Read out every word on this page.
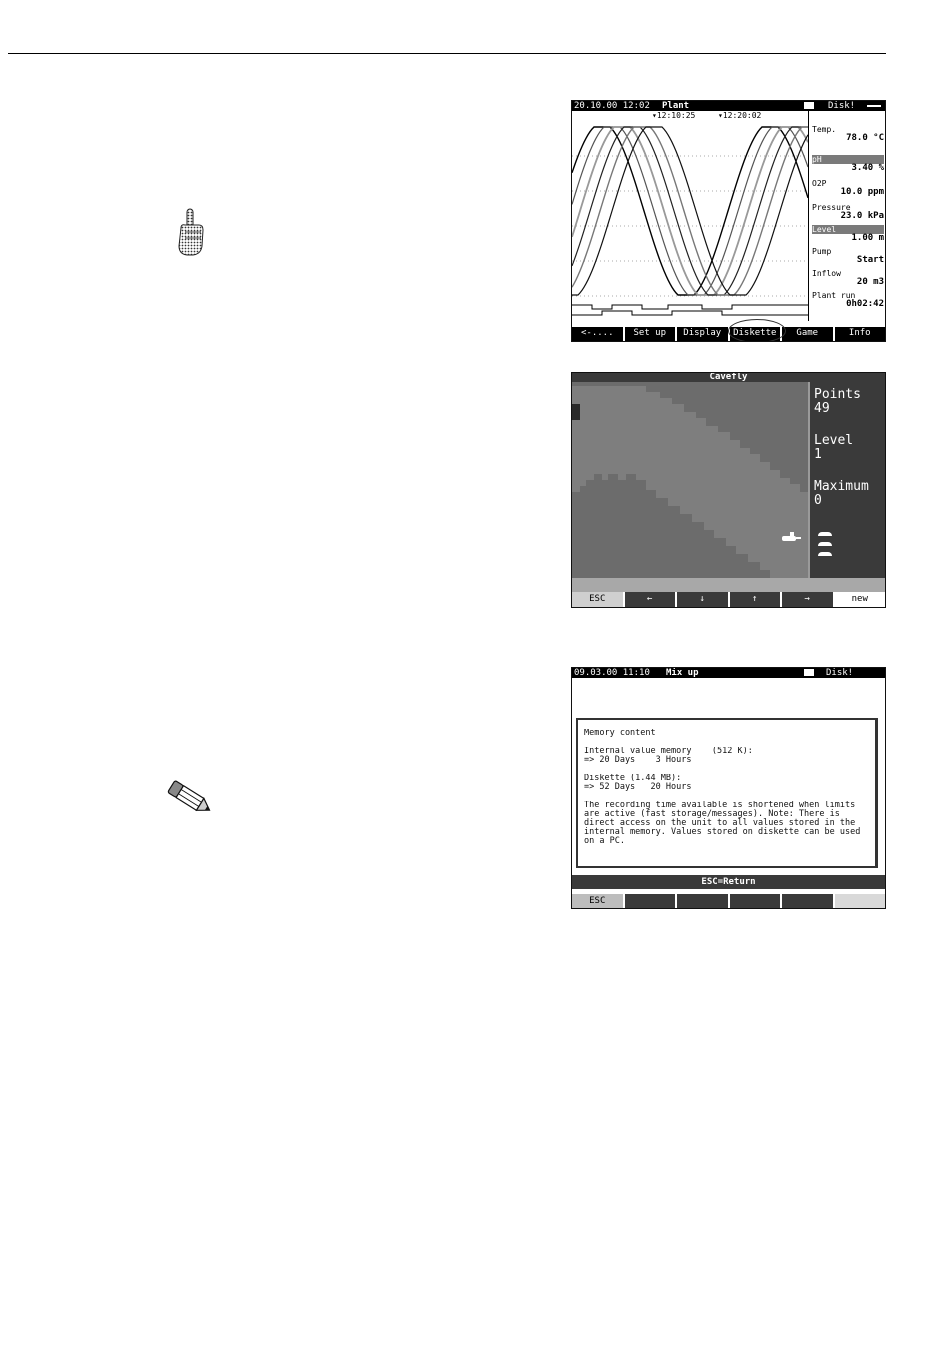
20.10.00 12:02 Plant	Disk!
▾12:10:25	▾12:20:02
Temp.
78.0 °C
pH
3.40 %
O2P
10.0 ppm
Pressure
23.0 kPa
Level
1.00 m
Pump
Start
Inflow
20 m3
Plant run
0h02:42
<-....	Set up	Display	Diskette	Game	Info
Cavefly
Points
49
Level
1
Maximum
0
ESC	←	↓	↑	→	new
09.03.00 11:10 Mix up	Disk!

Memory content

Internal value memory    (512 K):
=> 20 Days    3 Hours

Diskette (1.44 MB):
=> 52 Days   20 Hours

The recording time available is shortened when limits are active (fast storage/messages). Note: There is direct access on the unit to all values stored in the internal memory. Values stored on diskette can be used on a PC.

ESC=Return
ESC
